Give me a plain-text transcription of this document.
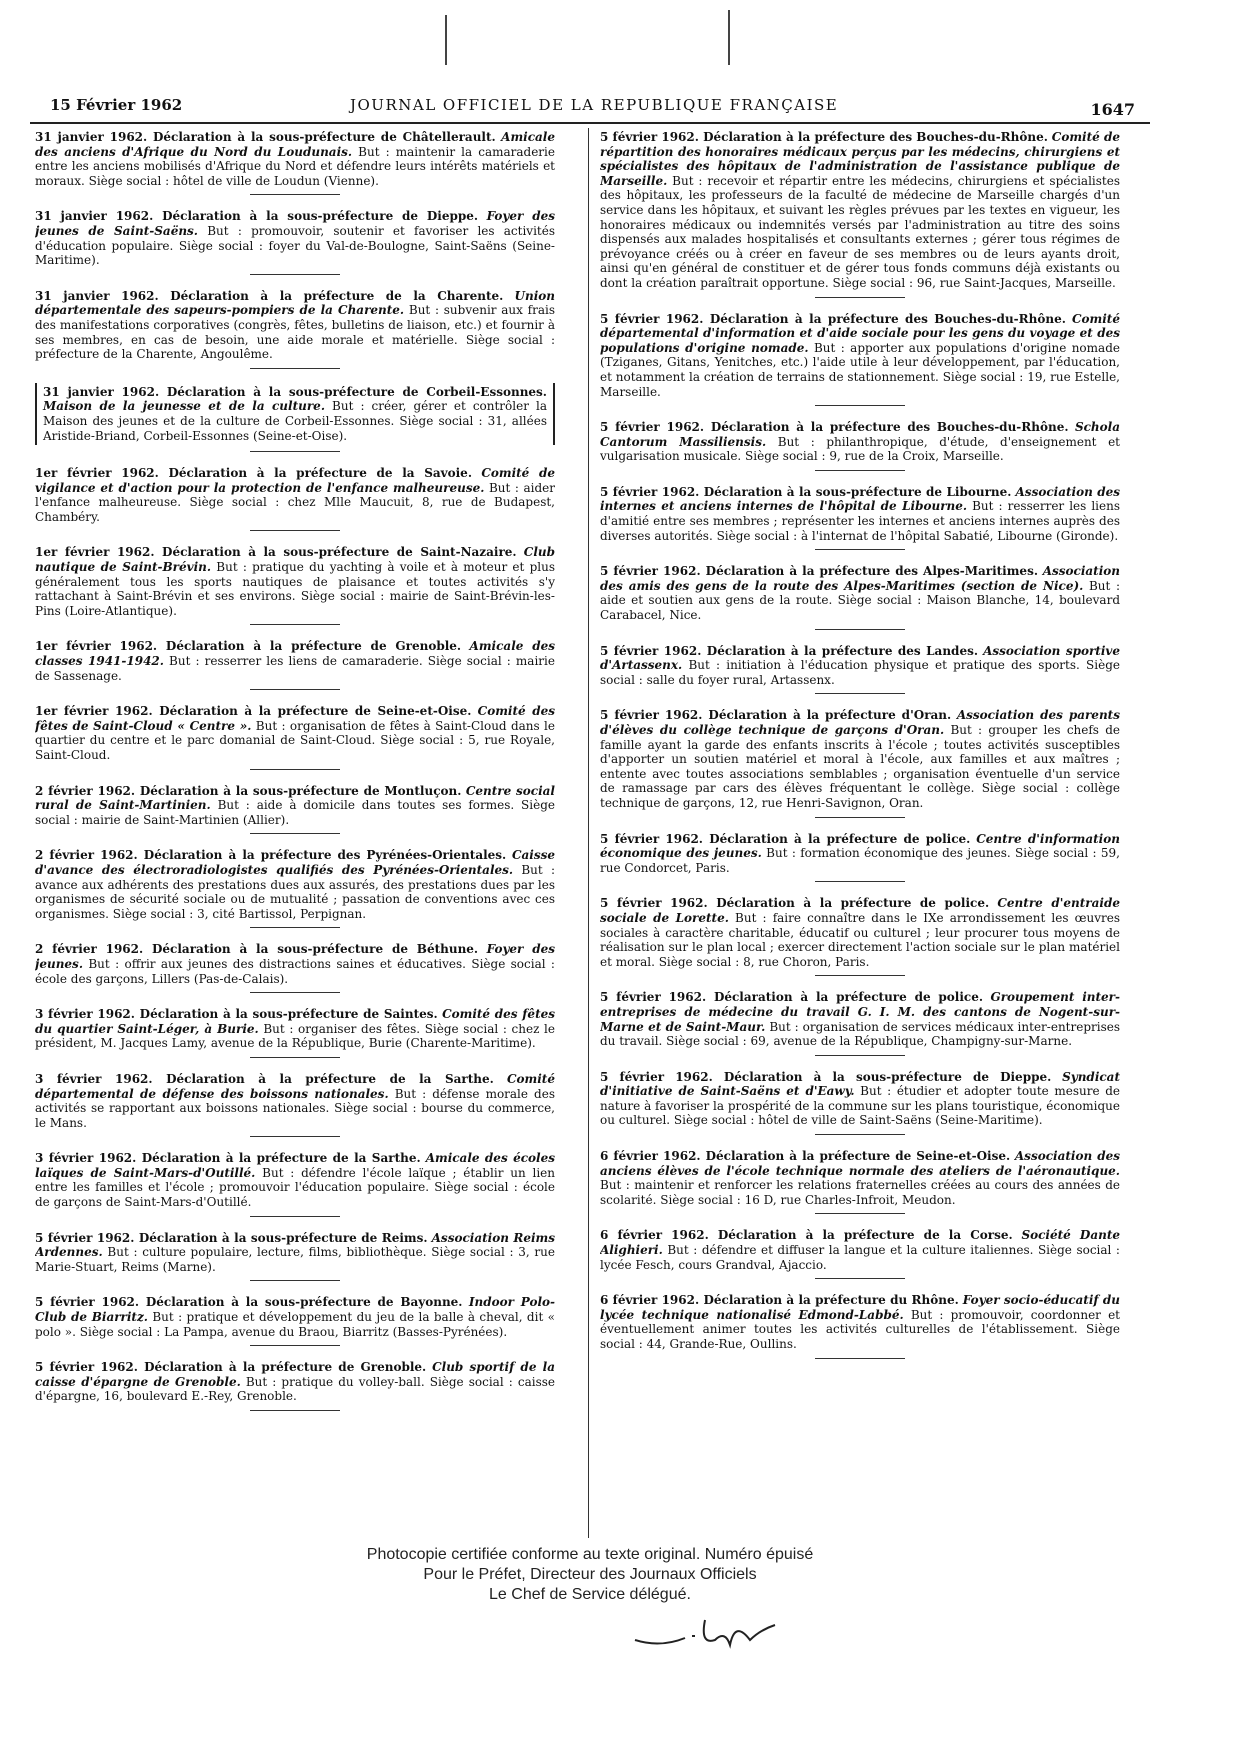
15 Février 1962	JOURNAL OFFICIEL DE LA REPUBLIQUE FRANÇAISE	1647

31 janvier 1962. Déclaration à la sous-préfecture de Châtellerault. Amicale des anciens d'Afrique du Nord du Loudunais. But : maintenir la camaraderie entre les anciens mobilisés d'Afrique du Nord et défendre leurs intérêts matériels et moraux. Siège social : hôtel de ville de Loudun (Vienne).

31 janvier 1962. Déclaration à la sous-préfecture de Dieppe. Foyer des jeunes de Saint-Saëns. But : promouvoir, soutenir et favoriser les activités d'éducation populaire. Siège social : foyer du Val-de-Boulogne, Saint-Saëns (Seine-Maritime).

31 janvier 1962. Déclaration à la préfecture de la Charente. Union départementale des sapeurs-pompiers de la Charente. But : subvenir aux frais des manifestations corporatives (congrès, fêtes, bulletins de liaison, etc.) et fournir à ses membres, en cas de besoin, une aide morale et matérielle. Siège social : préfecture de la Charente, Angoulême.

31 janvier 1962. Déclaration à la sous-préfecture de Corbeil-Essonnes. Maison de la jeunesse et de la culture. But : créer, gérer et contrôler la Maison des jeunes et de la culture de Corbeil-Essonnes. Siège social : 31, allées Aristide-Briand, Corbeil-Essonnes (Seine-et-Oise).

1er février 1962. Déclaration à la préfecture de la Savoie. Comité de vigilance et d'action pour la protection de l'enfance malheureuse. But : aider l'enfance malheureuse. Siège social : chez Mlle Maucuit, 8, rue de Budapest, Chambéry.

1er février 1962. Déclaration à la sous-préfecture de Saint-Nazaire. Club nautique de Saint-Brévin. But : pratique du yachting à voile et à moteur et plus généralement tous les sports nautiques de plaisance et toutes activités s'y rattachant à Saint-Brévin et ses environs. Siège social : mairie de Saint-Brévin-les-Pins (Loire-Atlantique).

1er février 1962. Déclaration à la préfecture de Grenoble. Amicale des classes 1941-1942. But : resserrer les liens de camaraderie. Siège social : mairie de Sassenage.

1er février 1962. Déclaration à la préfecture de Seine-et-Oise. Comité des fêtes de Saint-Cloud « Centre ». But : organisation de fêtes à Saint-Cloud dans le quartier du centre et le parc domanial de Saint-Cloud. Siège social : 5, rue Royale, Saint-Cloud.

2 février 1962. Déclaration à la sous-préfecture de Montluçon. Centre social rural de Saint-Martinien. But : aide à domicile dans toutes ses formes. Siège social : mairie de Saint-Martinien (Allier).

2 février 1962. Déclaration à la préfecture des Pyrénées-Orientales. Caisse d'avance des électroradiologistes qualifiés des Pyrénées-Orientales. But : avance aux adhérents des prestations dues aux assurés, des prestations dues par les organismes de sécurité sociale ou de mutualité ; passation de conventions avec ces organismes. Siège social : 3, cité Bartissol, Perpignan.

2 février 1962. Déclaration à la sous-préfecture de Béthune. Foyer des jeunes. But : offrir aux jeunes des distractions saines et éducatives. Siège social : école des garçons, Lillers (Pas-de-Calais).

3 février 1962. Déclaration à la sous-préfecture de Saintes. Comité des fêtes du quartier Saint-Léger, à Burie. But : organiser des fêtes. Siège social : chez le président, M. Jacques Lamy, avenue de la République, Burie (Charente-Maritime).

3 février 1962. Déclaration à la préfecture de la Sarthe. Comité départemental de défense des boissons nationales. But : défense morale des activités se rapportant aux boissons nationales. Siège social : bourse du commerce, le Mans.

3 février 1962. Déclaration à la préfecture de la Sarthe. Amicale des écoles laïques de Saint-Mars-d'Outillé. But : défendre l'école laïque ; établir un lien entre les familles et l'école ; promouvoir l'éducation populaire. Siège social : école de garçons de Saint-Mars-d'Outillé.

5 février 1962. Déclaration à la sous-préfecture de Reims. Association Reims Ardennes. But : culture populaire, lecture, films, bibliothèque. Siège social : 3, rue Marie-Stuart, Reims (Marne).

5 février 1962. Déclaration à la sous-préfecture de Bayonne. Indoor Polo-Club de Biarritz. But : pratique et développement du jeu de la balle à cheval, dit « polo ». Siège social : La Pampa, avenue du Braou, Biarritz (Basses-Pyrénées).

5 février 1962. Déclaration à la préfecture de Grenoble. Club sportif de la caisse d'épargne de Grenoble. But : pratique du volley-ball. Siège social : caisse d'épargne, 16, boulevard E.-Rey, Grenoble.

5 février 1962. Déclaration à la préfecture des Bouches-du-Rhône. Comité de répartition des honoraires médicaux perçus par les médecins, chirurgiens et spécialistes des hôpitaux de l'administration de l'assistance publique de Marseille. But : recevoir et répartir entre les médecins, chirurgiens et spécialistes des hôpitaux, les professeurs de la faculté de médecine de Marseille chargés d'un service dans les hôpitaux, et suivant les règles prévues par les textes en vigueur, les honoraires médicaux ou indemnités versés par l'administration au titre des soins dispensés aux malades hospitalisés et consultants externes ; gérer tous régimes de prévoyance créés ou à créer en faveur de ses membres ou de leurs ayants droit, ainsi qu'en général de constituer et de gérer tous fonds communs déjà existants ou dont la création paraîtrait opportune. Siège social : 96, rue Saint-Jacques, Marseille.

5 février 1962. Déclaration à la préfecture des Bouches-du-Rhône. Comité départemental d'information et d'aide sociale pour les gens du voyage et des populations d'origine nomade. But : apporter aux populations d'origine nomade (Tziganes, Gitans, Yenitches, etc.) l'aide utile à leur développement, par l'éducation, et notamment la création de terrains de stationnement. Siège social : 19, rue Estelle, Marseille.

5 février 1962. Déclaration à la préfecture des Bouches-du-Rhône. Schola Cantorum Massiliensis. But : philanthropique, d'étude, d'enseignement et vulgarisation musicale. Siège social : 9, rue de la Croix, Marseille.

5 février 1962. Déclaration à la sous-préfecture de Libourne. Association des internes et anciens internes de l'hôpital de Libourne. But : resserrer les liens d'amitié entre ses membres ; représenter les internes et anciens internes auprès des diverses autorités. Siège social : à l'internat de l'hôpital Sabatié, Libourne (Gironde).

5 février 1962. Déclaration à la préfecture des Alpes-Maritimes. Association des amis des gens de la route des Alpes-Maritimes (section de Nice). But : aide et soutien aux gens de la route. Siège social : Maison Blanche, 14, boulevard Carabacel, Nice.

5 février 1962. Déclaration à la préfecture des Landes. Association sportive d'Artassenx. But : initiation à l'éducation physique et pratique des sports. Siège social : salle du foyer rural, Artassenx.

5 février 1962. Déclaration à la préfecture d'Oran. Association des parents d'élèves du collège technique de garçons d'Oran. But : grouper les chefs de famille ayant la garde des enfants inscrits à l'école ; toutes activités susceptibles d'apporter un soutien matériel et moral à l'école, aux familles et aux maîtres ; entente avec toutes associations semblables ; organisation éventuelle d'un service de ramassage par cars des élèves fréquentant le collège. Siège social : collège technique de garçons, 12, rue Henri-Savignon, Oran.

5 février 1962. Déclaration à la préfecture de police. Centre d'information économique des jeunes. But : formation économique des jeunes. Siège social : 59, rue Condorcet, Paris.

5 février 1962. Déclaration à la préfecture de police. Centre d'entraide sociale de Lorette. But : faire connaître dans le IXe arrondissement les œuvres sociales à caractère charitable, éducatif ou culturel ; leur procurer tous moyens de réalisation sur le plan local ; exercer directement l'action sociale sur le plan matériel et moral. Siège social : 8, rue Choron, Paris.

5 février 1962. Déclaration à la préfecture de police. Groupement inter-entreprises de médecine du travail G. I. M. des cantons de Nogent-sur-Marne et de Saint-Maur. But : organisation de services médicaux inter-entreprises du travail. Siège social : 69, avenue de la République, Champigny-sur-Marne.

5 février 1962. Déclaration à la sous-préfecture de Dieppe. Syndicat d'initiative de Saint-Saëns et d'Eawy. But : étudier et adopter toute mesure de nature à favoriser la prospérité de la commune sur les plans touristique, économique ou culturel. Siège social : hôtel de ville de Saint-Saëns (Seine-Maritime).

6 février 1962. Déclaration à la préfecture de Seine-et-Oise. Association des anciens élèves de l'école technique normale des ateliers de l'aéronautique. But : maintenir et renforcer les relations fraternelles créées au cours des années de scolarité. Siège social : 16 D, rue Charles-Infroit, Meudon.

6 février 1962. Déclaration à la préfecture de la Corse. Société Dante Alighieri. But : défendre et diffuser la langue et la culture italiennes. Siège social : lycée Fesch, cours Grandval, Ajaccio.

6 février 1962. Déclaration à la préfecture du Rhône. Foyer socio-éducatif du lycée technique nationalisé Edmond-Labbé. But : promouvoir, coordonner et éventuellement animer toutes les activités culturelles de l'établissement. Siège social : 44, Grande-Rue, Oullins.

Photocopie certifiée conforme au texte original. Numéro épuisé
Pour le Préfet, Directeur des Journaux Officiels
Le Chef de Service délégué.
